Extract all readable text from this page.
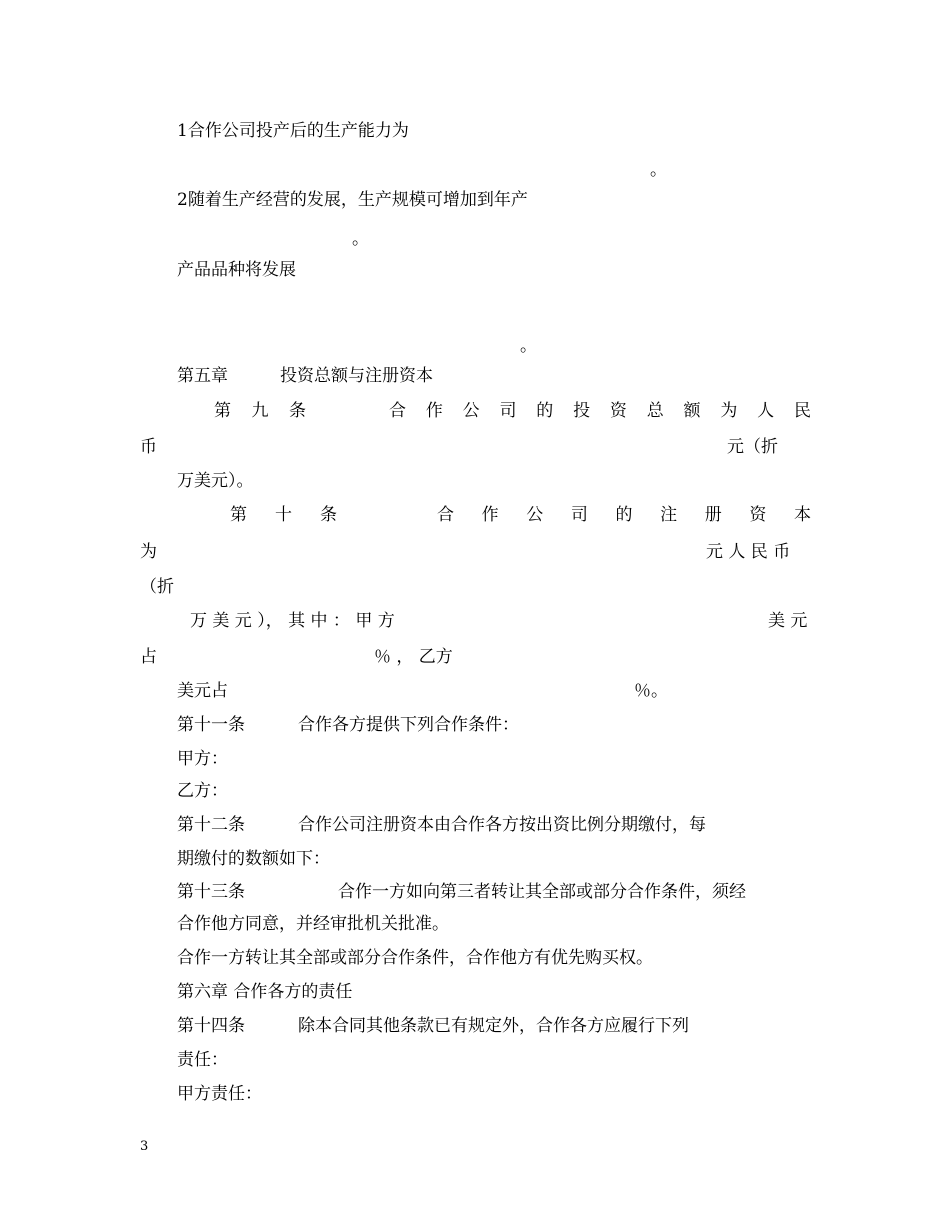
1合作公司投产后的生产能力为
。
2随着生产经营的发展，生产规模可增加到年产
。
产品品种将发展
。
第五章	投资总额与注册资本
第 九 条	合 作 公 司 的 投 资 总 额 为 人 民
币	元（折
万美元）。
第 十 条	合 作 公 司 的 注 册 资 本
为	元 人 民 币
（折
万 美 元 ）， 其 中 ： 甲 方	美 元
占	％ ， 乙方
美元占	％。
第十一条	合作各方提供下列合作条件：
甲方：
乙方：
第十二条	合作公司注册资本由合作各方按出资比例分期缴付，每
期缴付的数额如下：
第十三条	合作一方如向第三者转让其全部或部分合作条件，须经
合作他方同意，并经审批机关批准。
合作一方转让其全部或部分合作条件，合作他方有优先购买权。
第六章 合作各方的责任
第十四条	除本合同其他条款已有规定外，合作各方应履行下列
责任：
甲方责任：
3
